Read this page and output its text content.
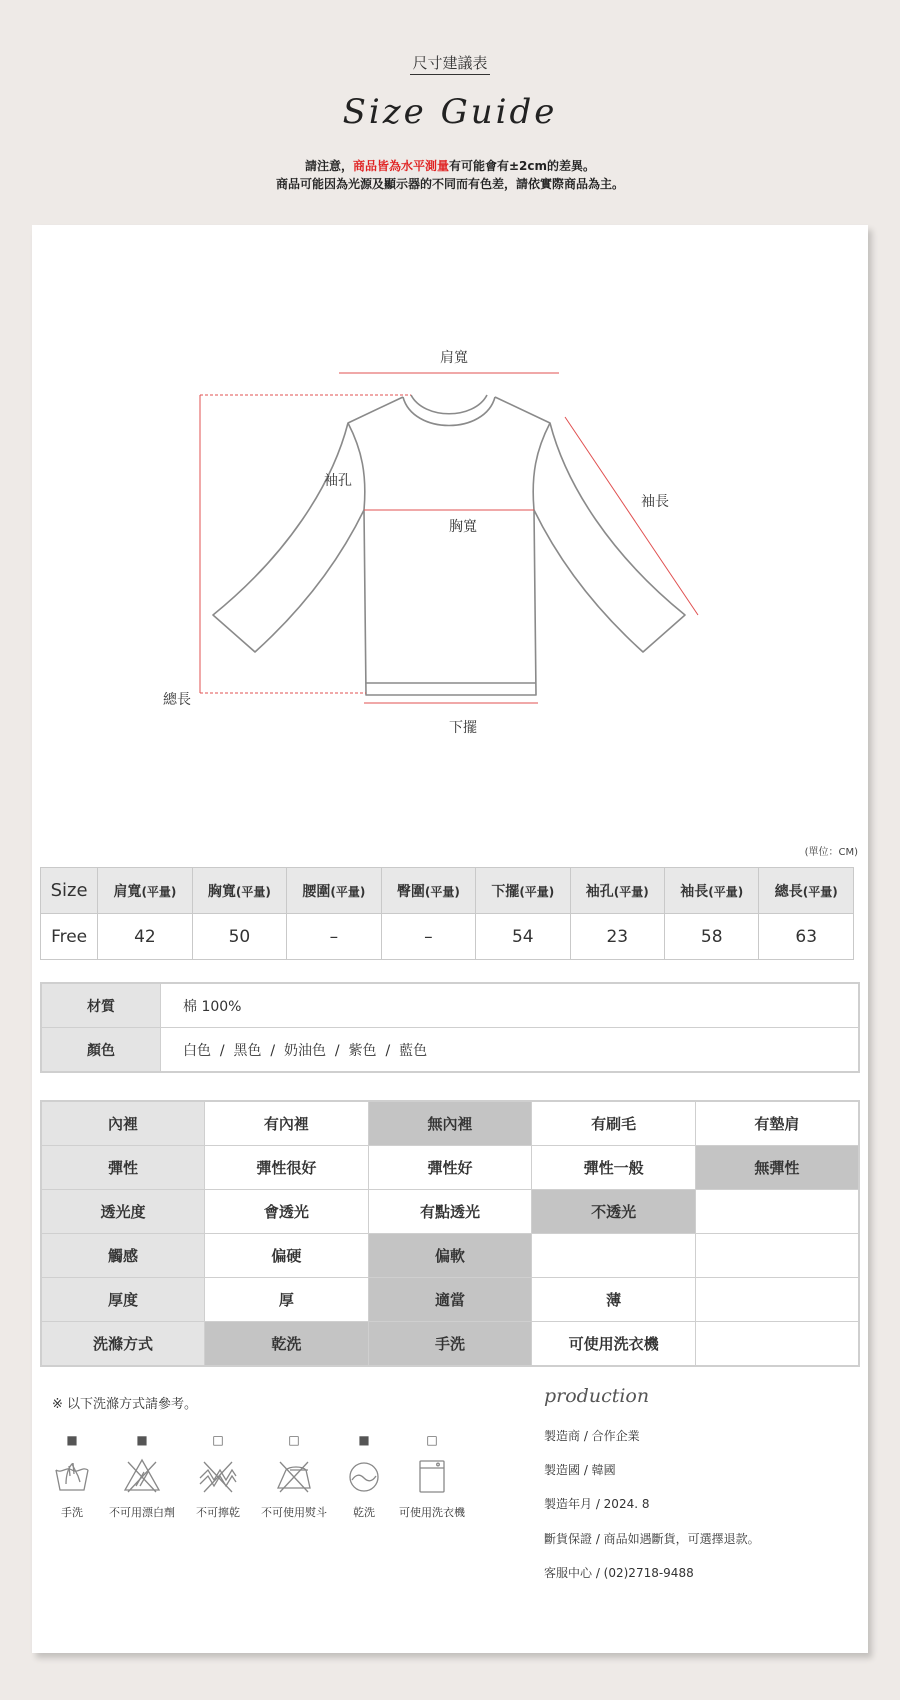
尺寸建議表
Size Guide
請注意，商品皆為水平測量有可能會有±2cm的差異。
商品可能因為光源及顯示器的不同而有色差，請依實際商品為主。
肩寬
袖孔
胸寬
袖長
總長
下擺
(單位：CM)
Size	肩寬(平量)	胸寬(平量)	腰圍(平量)	臀圍(平量)	下擺(平量)	袖孔(平量)	袖長(平量)	總長(平量)
Free	42	50	–	–	54	23	58	63
材質	棉 100%
顏色	白色  /  黑色  /  奶油色  /  紫色  /  藍色
內裡	有內裡	無內裡	有刷毛	有墊肩
彈性	彈性很好	彈性好	彈性一般	無彈性
透光度	會透光	有點透光	不透光	
觸感	偏硬	偏軟		
厚度	厚	適當	薄	
洗滌方式	乾洗	手洗	可使用洗衣機	
※ 以下洗滌方式請參考。
■
手洗
■
不可用漂白劑
□
不可擰乾
□
不可使用熨斗
■
乾洗
□
可使用洗衣機
production
製造商 / 合作企業
製造國 / 韓國
製造年月 / 2024. 8
斷貨保證 / 商品如遇斷貨，可選擇退款。
客服中心 / (02)2718-9488
